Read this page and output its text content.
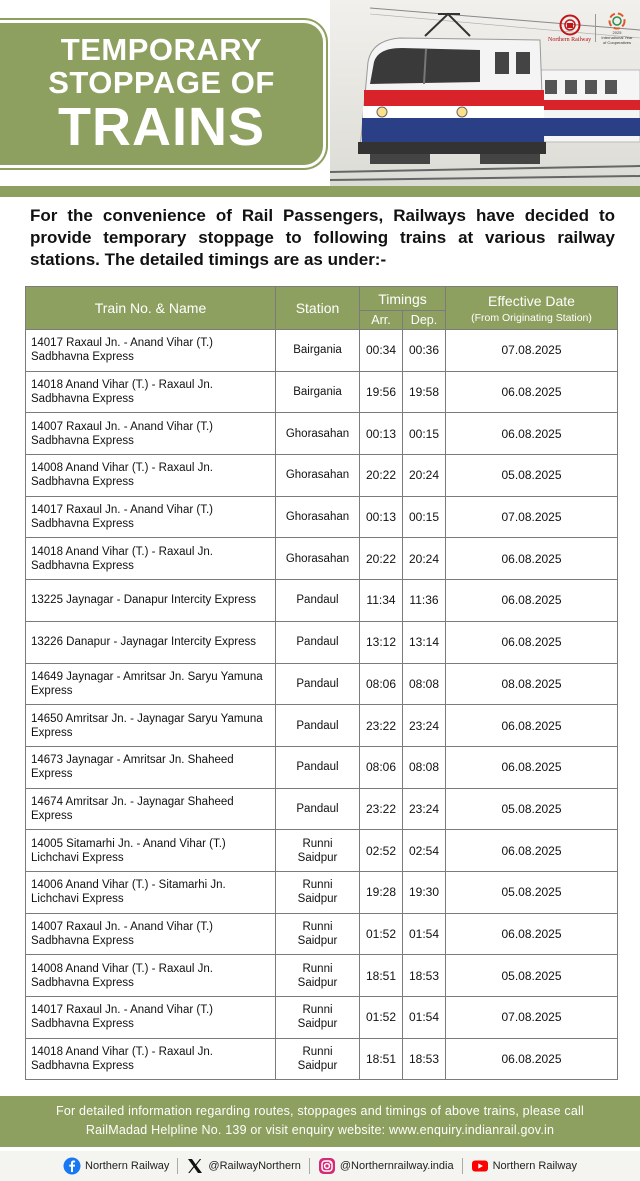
Northern Railway
2025
International Year of Cooperatives
TEMPORARY
STOPPAGE OF
TRAINS

For the convenience of Rail Passengers, Railways have decided to provide temporary stoppage to following trains at various railway stations. The detailed timings are as under:-

Train No. & Name	Station	Timings		Effective Date
(From Originating Station)

		Arr.	Dep.	
14017 Raxaul Jn. - Anand Vihar (T.) Sadbhavna Express	Bairgania	00:34	00:36	07.08.2025
14018 Anand Vihar (T.) - Raxaul Jn. Sadbhavna Express	Bairgania	19:56	19:58	06.08.2025
14007 Raxaul Jn. - Anand Vihar (T.) Sadbhavna Express	Ghorasahan	00:13	00:15	06.08.2025
14008 Anand Vihar (T.) - Raxaul Jn. Sadbhavna Express	Ghorasahan	20:22	20:24	05.08.2025
14017 Raxaul Jn. - Anand Vihar (T.) Sadbhavna Express	Ghorasahan	00:13	00:15	07.08.2025
14018 Anand Vihar (T.) - Raxaul Jn. Sadbhavna Express	Ghorasahan	20:22	20:24	06.08.2025
13225 Jaynagar - Danapur Intercity Express	Pandaul	11:34	11:36	06.08.2025
13226 Danapur - Jaynagar Intercity Express	Pandaul	13:12	13:14	06.08.2025
14649 Jaynagar - Amritsar Jn. Saryu Yamuna Express	Pandaul	08:06	08:08	08.08.2025
14650 Amritsar Jn. - Jaynagar Saryu Yamuna Express	Pandaul	23:22	23:24	06.08.2025
14673 Jaynagar - Amritsar Jn. Shaheed Express	Pandaul	08:06	08:08	06.08.2025
14674 Amritsar Jn. - Jaynagar Shaheed Express	Pandaul	23:22	23:24	05.08.2025
14005 Sitamarhi Jn. - Anand Vihar (T.) Lichchavi Express	Runni
Saidpur	02:52	02:54	06.08.2025
14006 Anand Vihar (T.) - Sitamarhi Jn. Lichchavi Express	Runni
Saidpur	19:28	19:30	05.08.2025
14007 Raxaul Jn. - Anand Vihar (T.) Sadbhavna Express	Runni
Saidpur	01:52	01:54	06.08.2025
14008 Anand Vihar (T.) - Raxaul Jn. Sadbhavna Express	Runni
Saidpur	18:51	18:53	05.08.2025
14017 Raxaul Jn. - Anand Vihar (T.) Sadbhavna Express	Runni
Saidpur	01:52	01:54	07.08.2025
14018 Anand Vihar (T.) - Raxaul Jn. Sadbhavna Express	Runni
Saidpur	18:51	18:53	06.08.2025
For detailed information regarding routes, stoppages and timings of above trains, please call
RailMadad Helpline No. 139 or visit enquiry website: www.enquiry.indianrail.gov.in
Northern Railway	@RailwayNorthern	@Northernrailway.india	Northern Railway
